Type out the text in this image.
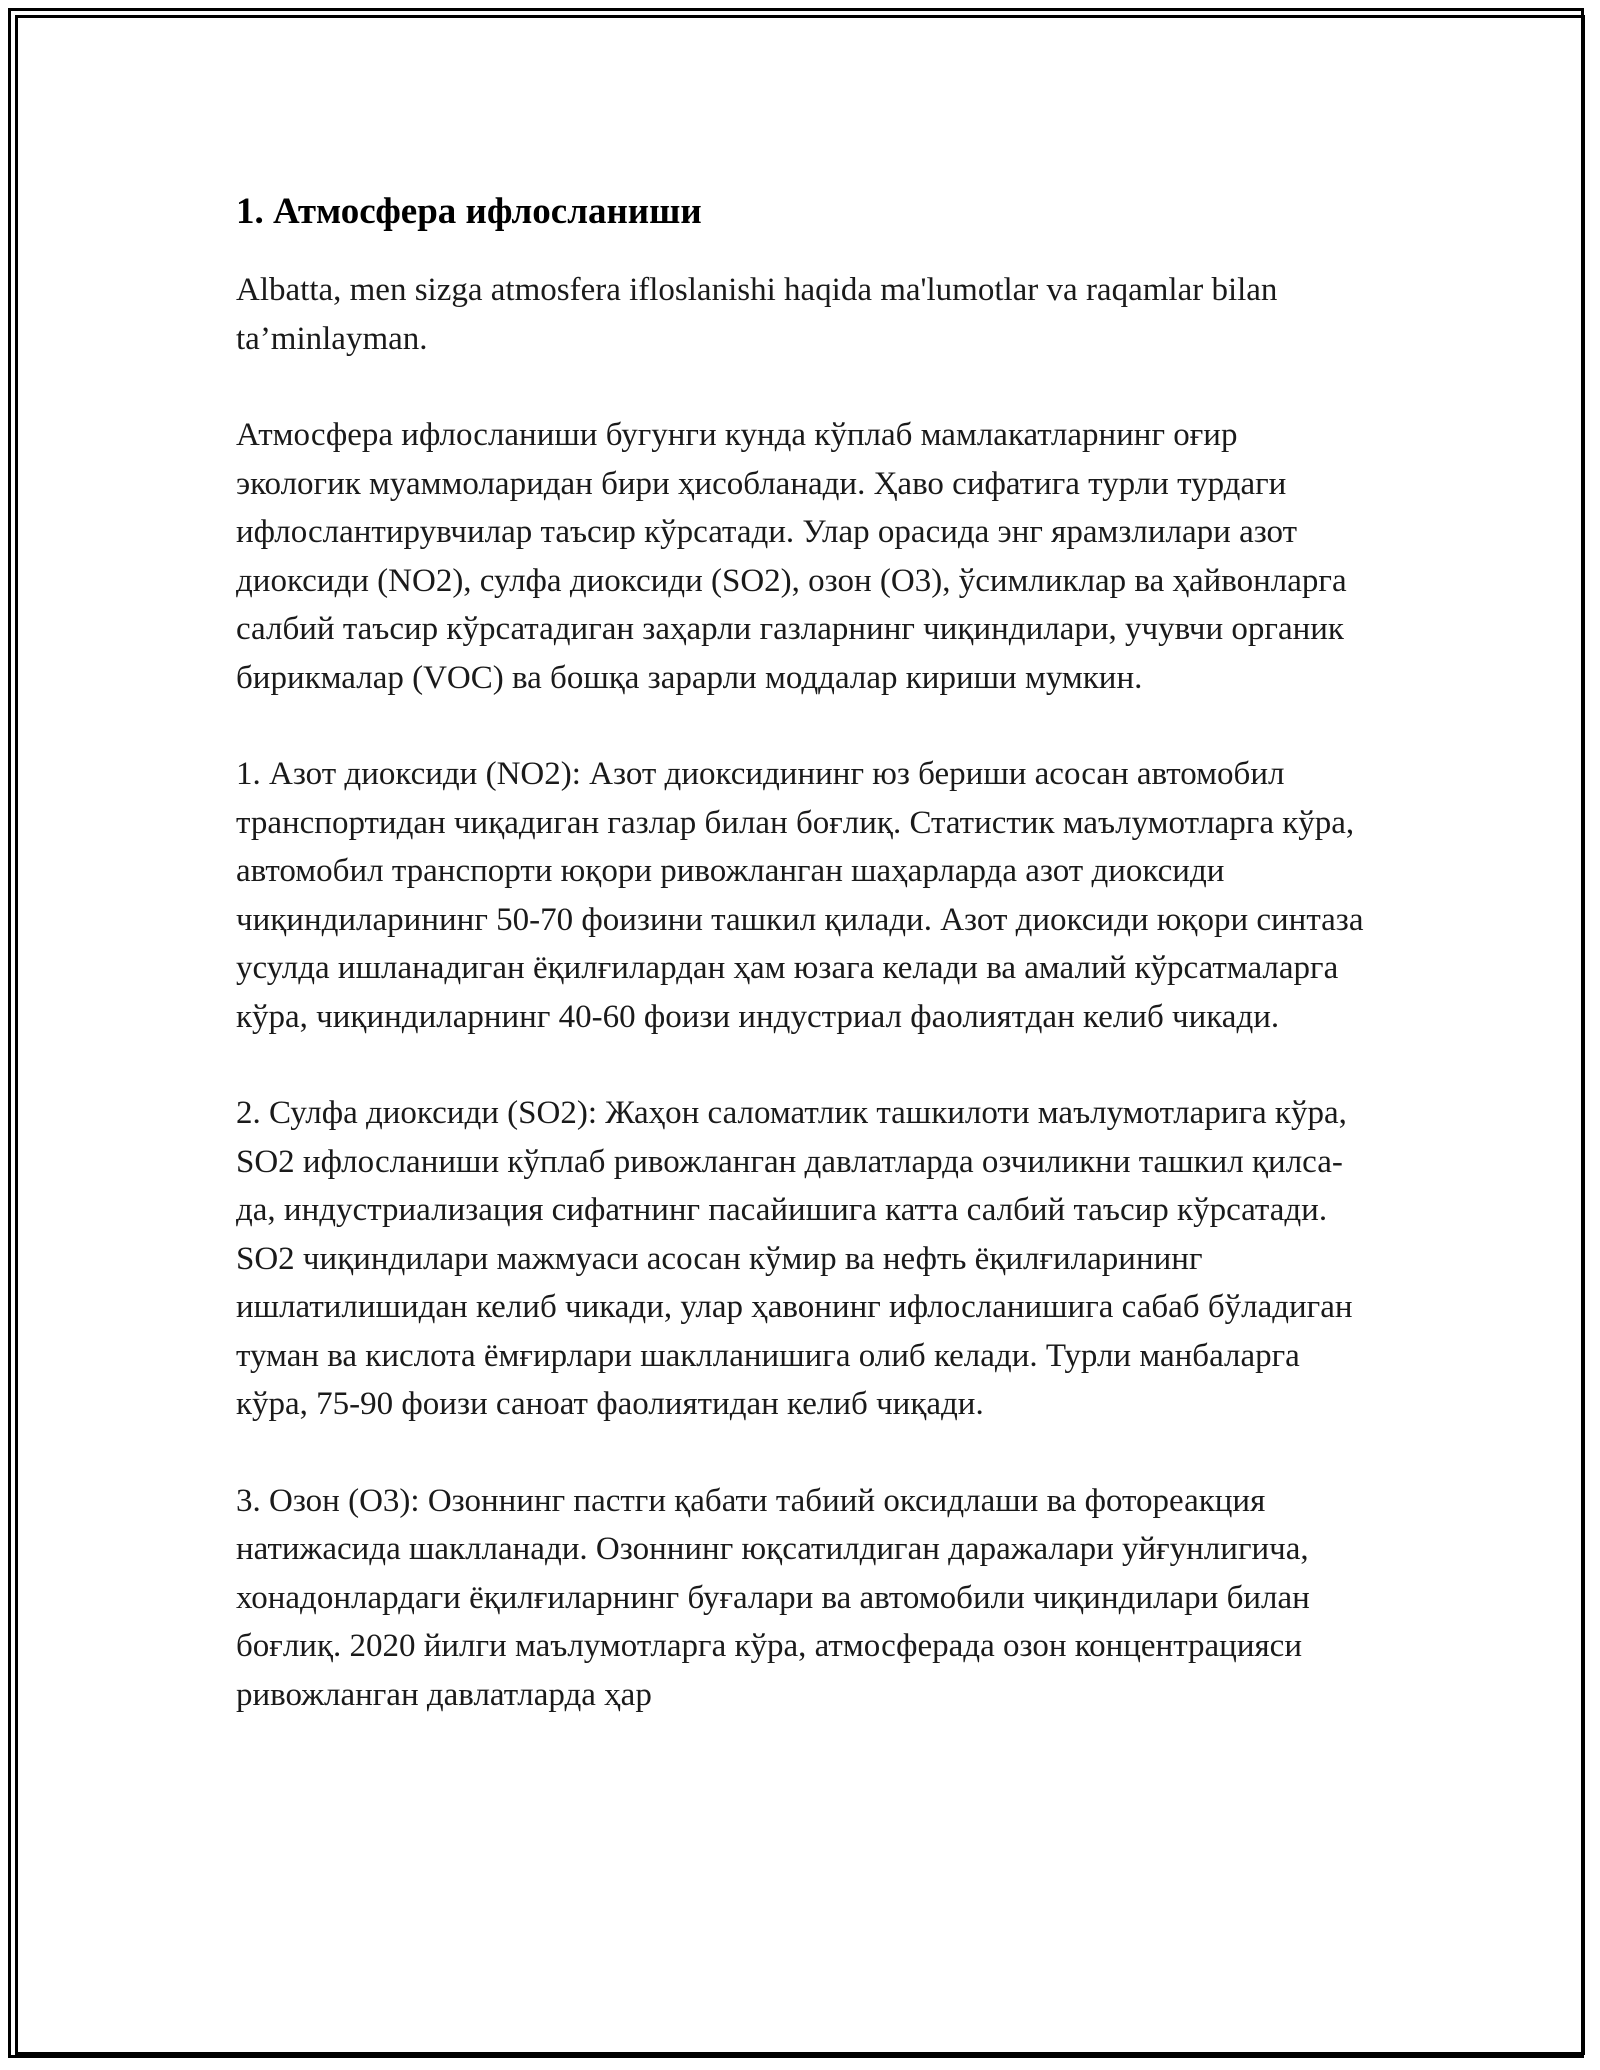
1. Атмосфера ифлосланиши

Albatta, men sizga atmosfera ifloslanishi haqida ma'lumotlar va raqamlar bilan ta’minlayman.

Атмосфера ифлосланиши бугунги кунда кўплаб мамлакатларнинг оғир экологик муаммоларидан бири ҳисобланади. Ҳаво сифатига турли турдаги ифлослантирувчилар таъсир кўрсатади. Улар орасида энг ярамзлилари азот диоксиди (NO2), сулфа диоксиди (SO2), озон (O3), ўсимликлар ва ҳайвонларга салбий таъсир кўрсатадиган заҳарли газларнинг чиқиндилари, учувчи органик бирикмалар (VOC) ва бошқа зарарли моддалар кириши мумкин.

1. Азот диоксиди (NO2): Азот диоксидининг юз бериши асосан автомобил транспортидан чиқадиган газлар билан боғлиқ. Статистик маълумотларга кўра, автомобил транспорти юқори ривожланган шаҳарларда азот диоксиди чиқиндиларининг 50-70 фоизини ташкил қилади. Азот диоксиди юқори синтаза усулда ишланадиган ёқилғилардан ҳам юзага келади ва амалий кўрсатмаларга кўра, чиқиндиларнинг 40-60 фоизи индустриал фаолиятдан келиб чикади.

2. Сулфа диоксиди (SO2): Жаҳон саломатлик ташкилоти маълумотларига кўра, SO2 ифлосланиши кўплаб ривожланган давлатларда озчиликни ташкил қилса-да, индустриализация сифатнинг пасайишига катта салбий таъсир кўрсатади. SO2 чиқиндилари мажмуаси асосан кўмир ва нефть ёқилғиларининг ишлатилишидан келиб чикади, улар ҳавонинг ифлосланишига сабаб бўладиган туман ва кислота ёмғирлари шаклланишига олиб келади. Турли манбаларга кўра, 75-90 фоизи саноат фаолиятидан келиб чиқади.

3. Озон (O3): Озоннинг пастги қабати табиий оксидлаши ва фотореакция натижасида шаклланади. Озоннинг юқсатилдиган даражалари уйғунлигича, хонадонлардаги ёқилғиларнинг буғалари ва автомобили чиқиндилари билан боғлиқ. 2020 йилги маълумотларга кўра, атмосферада озон концентрацияси ривожланган давлатларда ҳар
